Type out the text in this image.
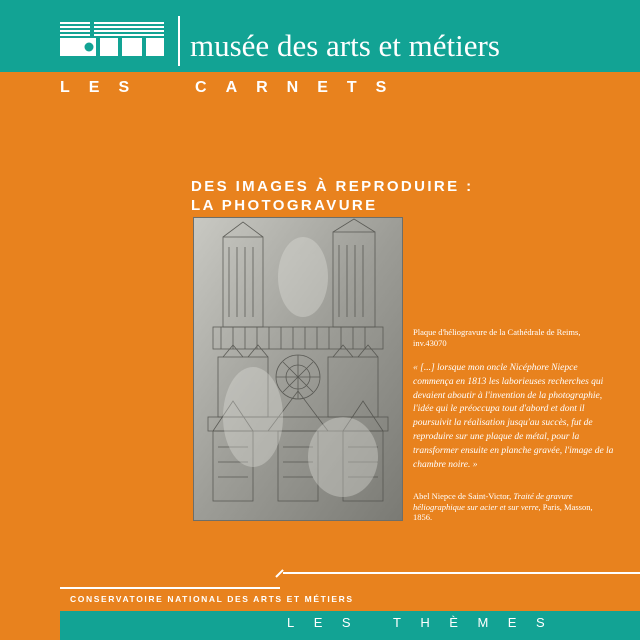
musée des arts et métiers
LES  CARNETS
DES IMAGES À REPRODUIRE :
LA PHOTOGRAVURE
Plaque d'héliogravure de la Cathédrale de Reims, inv.43070
« [...] lorsque mon oncle Nicéphore Niepce commença en 1813 les laborieuses recherches qui devaient aboutir à l'invention de la photographie, l'idée qui le préoccupa tout d'abord et dont il poursuivit la réalisation jusqu'au succès, fut de reproduire sur une plaque de métal, pour la transformer ensuite en planche gravée, l'image de la chambre noire. »
Abel Niepce de Saint-Victor, Traité de gravure héliographique sur acier et sur verre, Paris, Masson, 1856.
CONSERVATOIRE NATIONAL DES ARTS ET MÉTIERS
LES THÈMES
